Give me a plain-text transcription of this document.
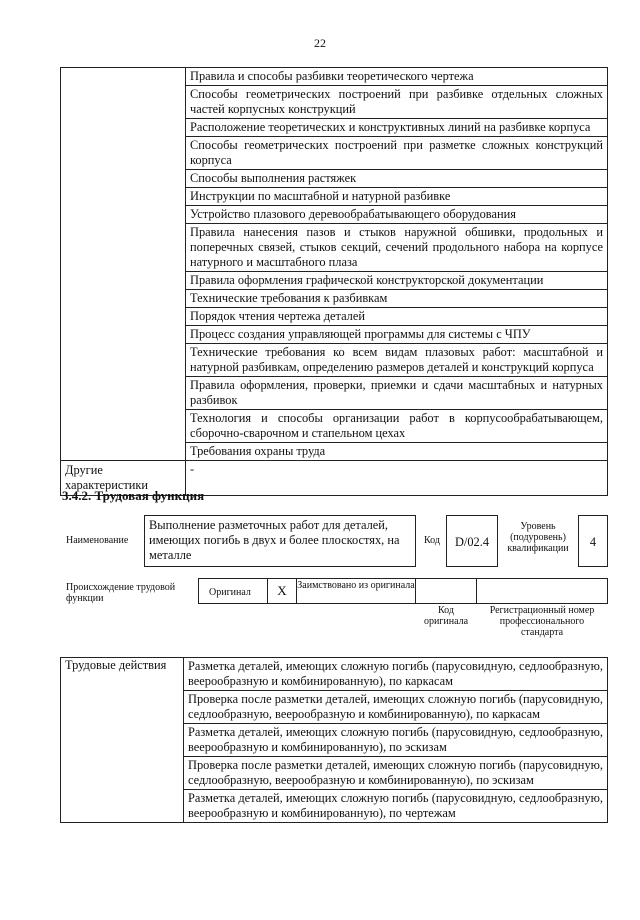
22
	Правила и способы разбивки теоретического чертежа
	Способы геометрических построений при разбивке отдельных сложных частей корпусных конструкций
	Расположение теоретических и конструктивных линий на разбивке корпуса
	Способы геометрических построений при разметке сложных конструкций корпуса
	Способы выполнения растяжек
	Инструкции по масштабной и натурной разбивке
	Устройство плазового деревообрабатывающего оборудования
	Правила нанесения пазов и стыков наружной обшивки, продольных и поперечных связей, стыков секций, сечений продольного набора на корпусе натурного и масштабного плаза
	Правила оформления графической конструкторской документации
	Технические требования к разбивкам
	Порядок чтения чертежа деталей
	Процесс создания управляющей программы для системы с ЧПУ
	Технические требования ко всем видам плазовых работ: масштабной и натурной разбивкам, определению размеров деталей и конструкций корпуса
	Правила оформления, проверки, приемки и сдачи масштабных и натурных разбивок
	Технология и способы организации работ в корпусообрабатывающем, сборочно-сварочном и стапельном цехах
	Требования охраны труда
Другие характеристики	-
3.4.2. Трудовая функция
Наименование
Выполнение разметочных работ для деталей, имеющих погибь в двух и более плоскостях, на металле
Код	D/02.4
Уровень (подуровень) квалификации	4
Происхождение трудовой функции
Оригинал	X	Заимствовано из оригинала
Код оригинала
Регистрационный номер профессионального стандарта
Трудовые действия	Разметка деталей, имеющих сложную погибь (парусовидную, седлообразную, веерообразную и комбинированную), по каркасам
Проверка после разметки деталей, имеющих сложную погибь (парусовидную, седлообразную, веерообразную и комбинированную), по каркасам
Разметка деталей, имеющих сложную погибь (парусовидную, седлообразную, веерообразную и комбинированную), по эскизам
Проверка после разметки деталей, имеющих сложную погибь (парусовидную, седлообразную, веерообразную и комбинированную), по эскизам
Разметка деталей, имеющих сложную погибь (парусовидную, седлообразную, веерообразную и комбинированную), по чертежам
